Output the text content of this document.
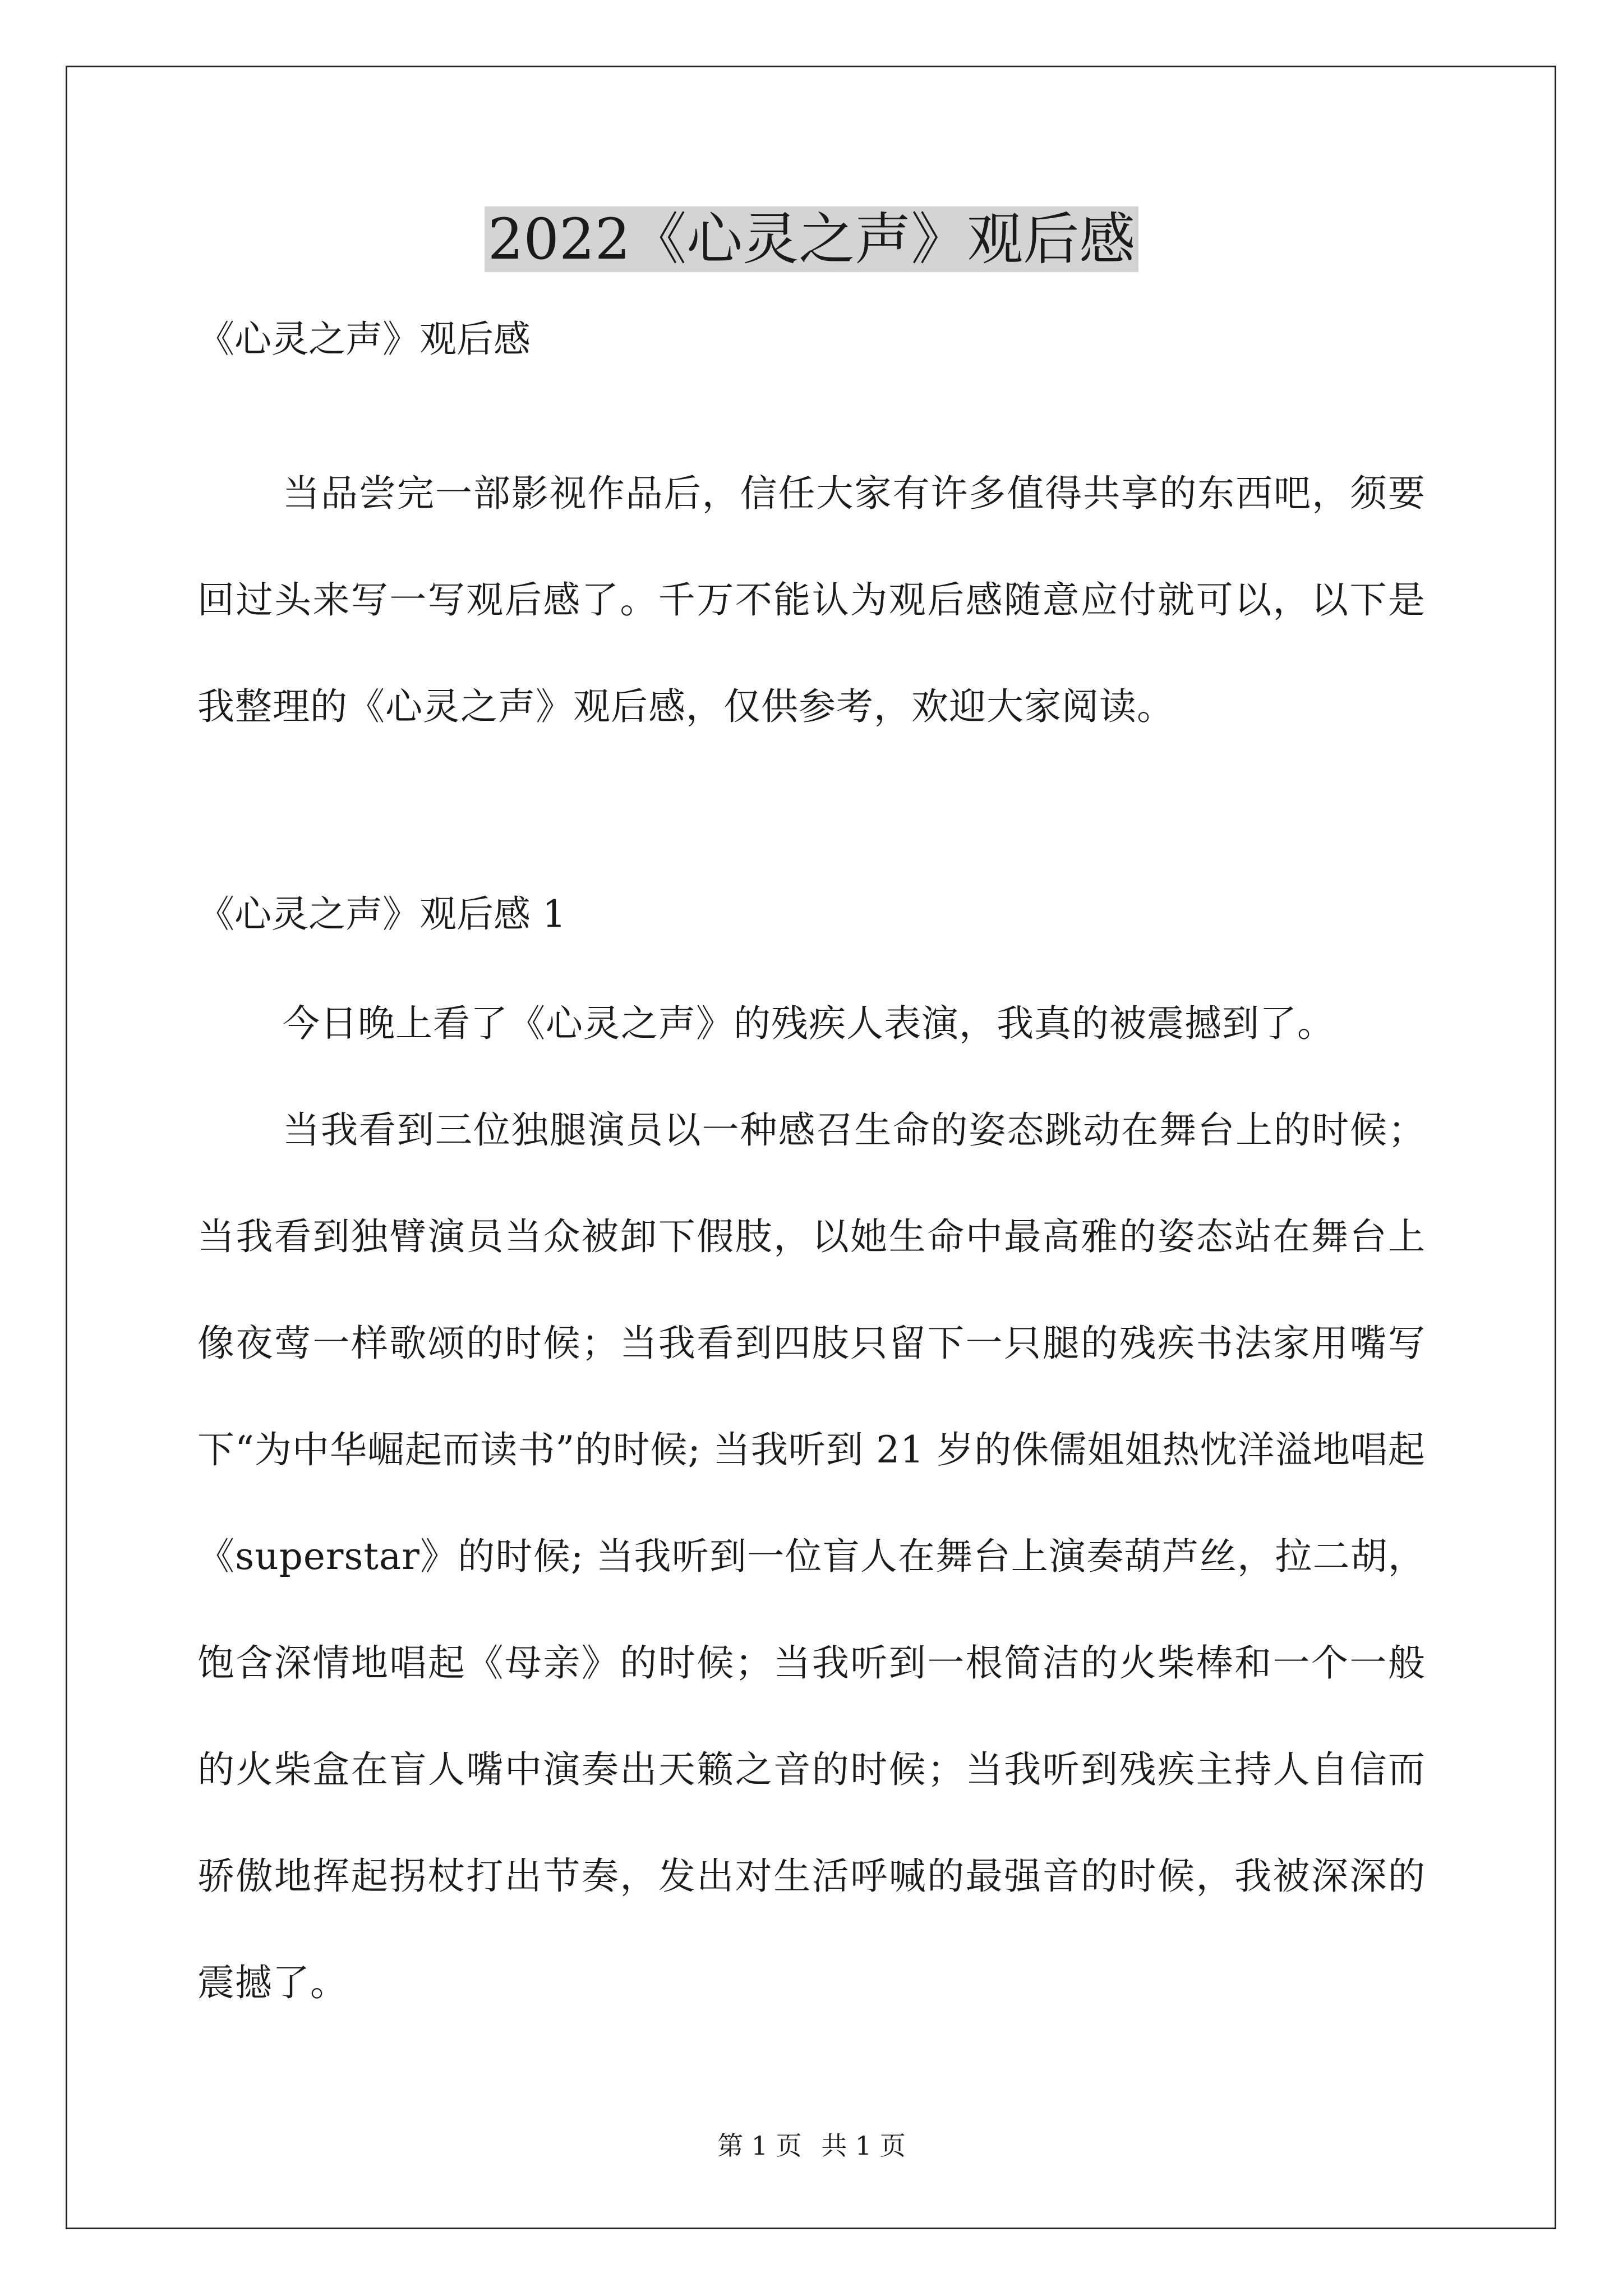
2022《心灵之声》观后感
《心灵之声》观后感
当品尝完一部影视作品后，信任大家有许多值得共享的东西吧，须要回过头来写一写观后感了。千万不能认为观后感随意应付就可以，以下是我整理的《心灵之声》观后感，仅供参考，欢迎大家阅读。
《心灵之声》观后感 1
今日晚上看了《心灵之声》的残疾人表演，我真的被震撼到了。
当我看到三位独腿演员以一种感召生命的姿态跳动在舞台上的时候；当我看到独臂演员当众被卸下假肢，以她生命中最高雅的姿态站在舞台上像夜莺一样歌颂的时候；当我看到四肢只留下一只腿的残疾书法家用嘴写下“为中华崛起而读书”的时候; 当我听到 21 岁的侏儒姐姐热忱洋溢地唱起《superstar》的时候; 当我听到一位盲人在舞台上演奏葫芦丝，拉二胡，饱含深情地唱起《母亲》的时候；当我听到一根简洁的火柴棒和一个一般的火柴盒在盲人嘴中演奏出天籁之音的时候；当我听到残疾主持人自信而骄傲地挥起拐杖打出节奏，发出对生活呼喊的最强音的时候，我被深深的震撼了。
第 1 页 共 1 页
